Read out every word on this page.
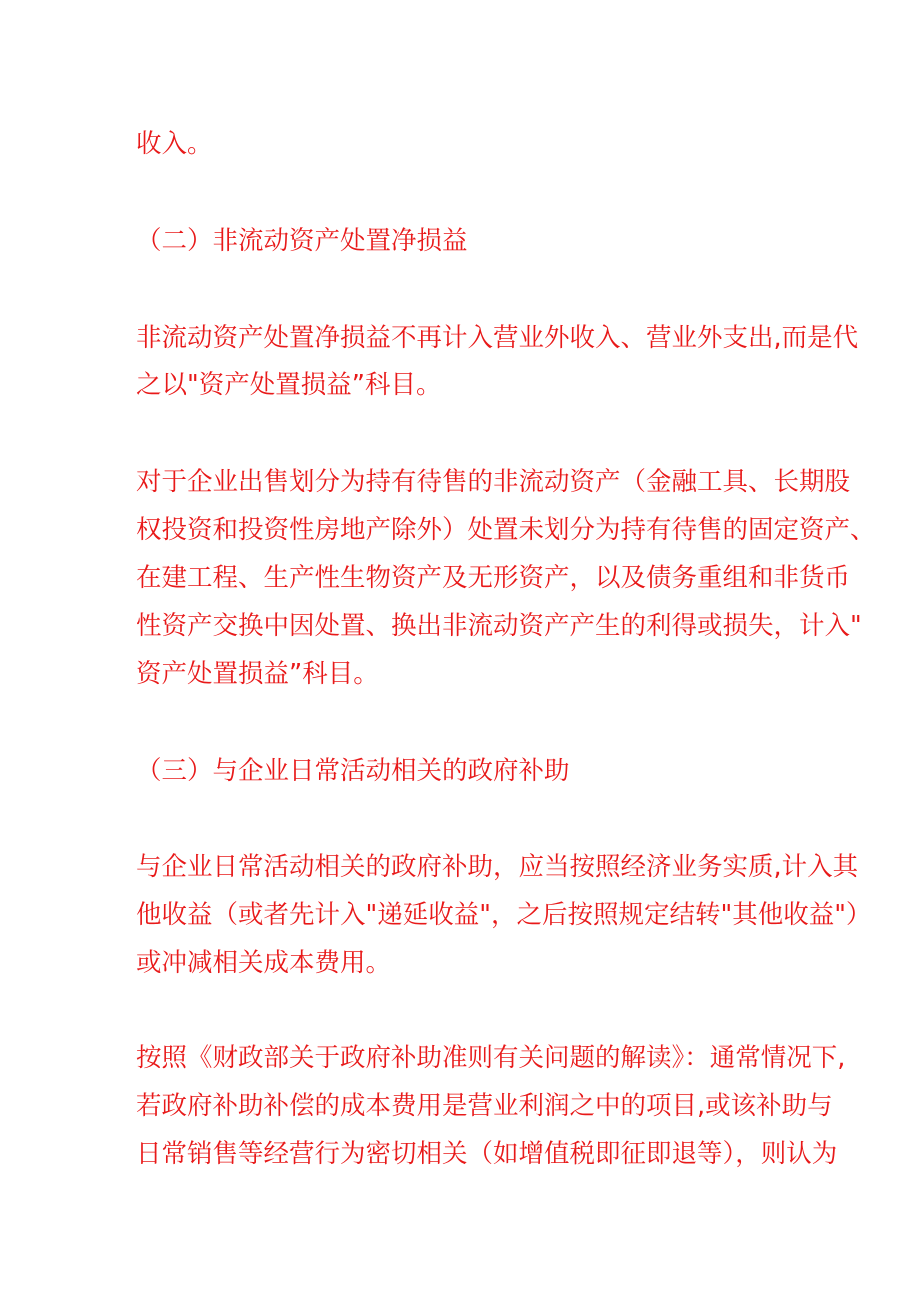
收入。

（二）非流动资产处置净损益

非流动资产处置净损益不再计入营业外收入、营业外支出,而是代

之以"资产处置损益”科目。

对于企业出售划分为持有待售的非流动资产（金融工具、长期股

权投资和投资性房地产除外）处置未划分为持有待售的固定资产、

在建工程、生产性生物资产及无形资产，以及债务重组和非货币

性资产交换中因处置、换出非流动资产产生的利得或损失，计入"

资产处置损益”科目。

（三）与企业日常活动相关的政府补助

与企业日常活动相关的政府补助，应当按照经济业务实质,计入其

他收益（或者先计入"递延收益"，之后按照规定结转"其他收益"）

或冲减相关成本费用。

按照《财政部关于政府补助准则有关问题的解读》：通常情况下,

若政府补助补偿的成本费用是营业利润之中的项目,或该补助与

日常销售等经营行为密切相关（如增值税即征即退等），则认为
